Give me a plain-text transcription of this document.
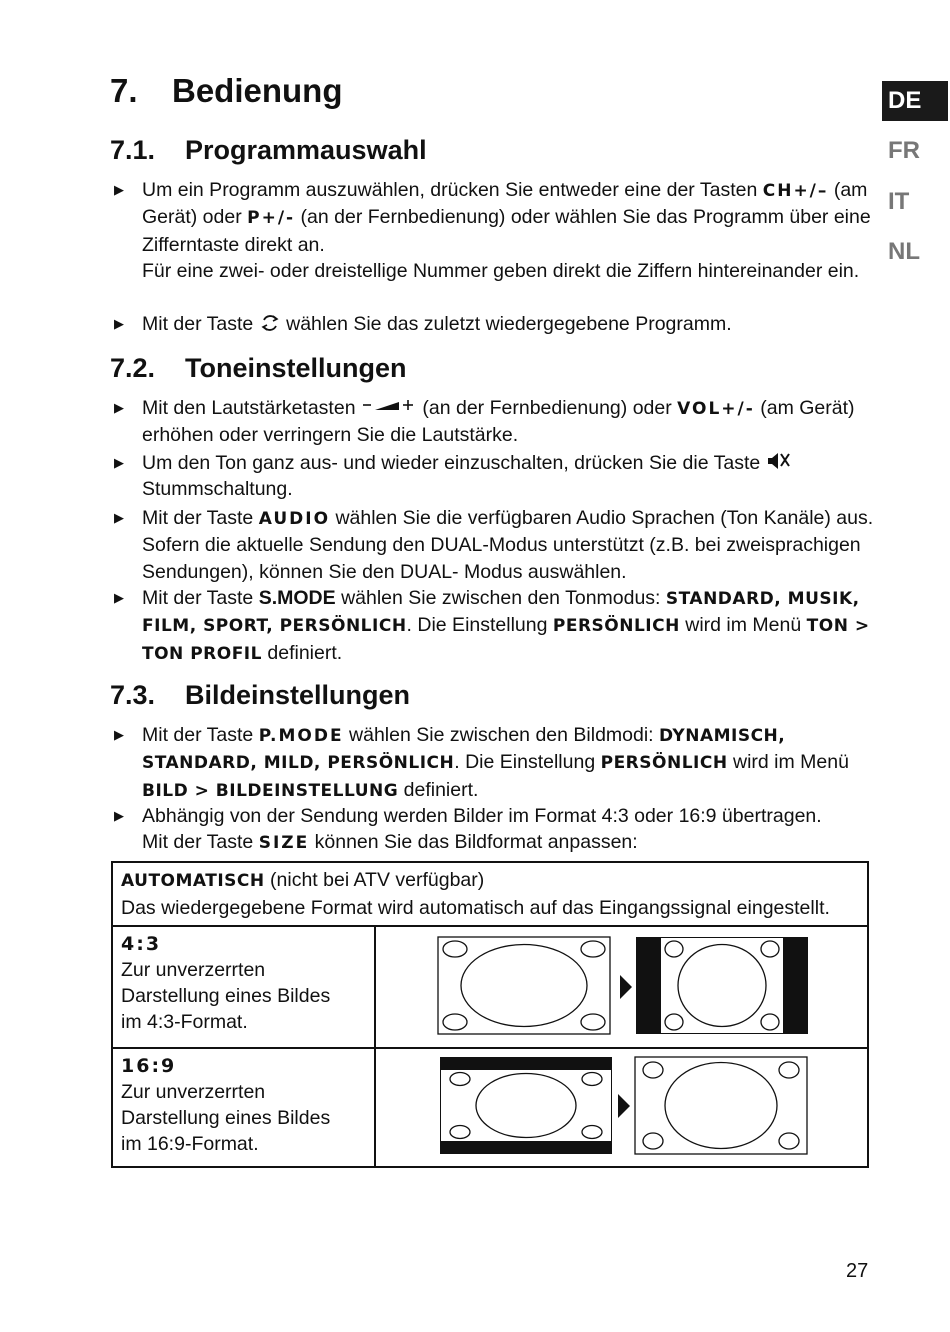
DE
FR
IT
NL
7. Bedienung
7.1. Programmauswahl
▶ Um ein Programm auszuwählen, drücken Sie entweder eine der Tasten CH+/– (am Gerät) oder P+/- (an der Fernbedienung) oder wählen Sie das Programm über eine Zifferntaste direkt an.
Für eine zwei- oder dreistellige Nummer geben direkt die Ziffern hintereinander ein.
▶ Mit der Taste wählen Sie das zuletzt wiedergegebene Programm.
7.2. Toneinstellungen
▶ Mit den Lautstärketasten	(an der Fernbedienung) oder VOL+/- (am Gerät) erhöhen oder verringern Sie die Lautstärke.
▶ Um den Ton ganz aus- und wieder einzuschalten, drücken Sie die Taste
Stummschaltung.
▶ Mit der Taste AUDIO wählen Sie die verfügbaren Audio Sprachen (Ton Kanäle) aus. Sofern die aktuelle Sendung den DUAL-Modus unterstützt (z.B. bei zweisprachigen Sendungen), können Sie den DUAL- Modus auswählen.
▶ Mit der Taste S.MODE wählen Sie zwischen den Tonmodus: STANDARD, MUSIK, FILM, SPORT, PERSÖNLICH. Die Einstellung PERSÖNLICH wird im Menü TON > TON PROFIL definiert.
7.3. Bildeinstellungen
▶ Mit der Taste P.MODE wählen Sie zwischen den Bildmodi: DYNAMISCH, STANDARD, MILD, PERSÖNLICH. Die Einstellung PERSÖNLICH wird im Menü BILD > BILDEINSTELLUNG definiert.
▶ Abhängig von der Sendung werden Bilder im Format 4:3 oder 16:9 übertragen.
Mit der Taste SIZE können Sie das Bildformat anpassen:
AUTOMATISCH (nicht bei ATV verfügbar)
Das wiedergegebene Format wird automatisch auf das Eingangssignal eingestellt.
4:3
Zur unverzerrten Darstellung eines Bildes im 4:3-Format.
16:9
Zur unverzerrten Darstellung eines Bildes im 16:9-Format.
27
